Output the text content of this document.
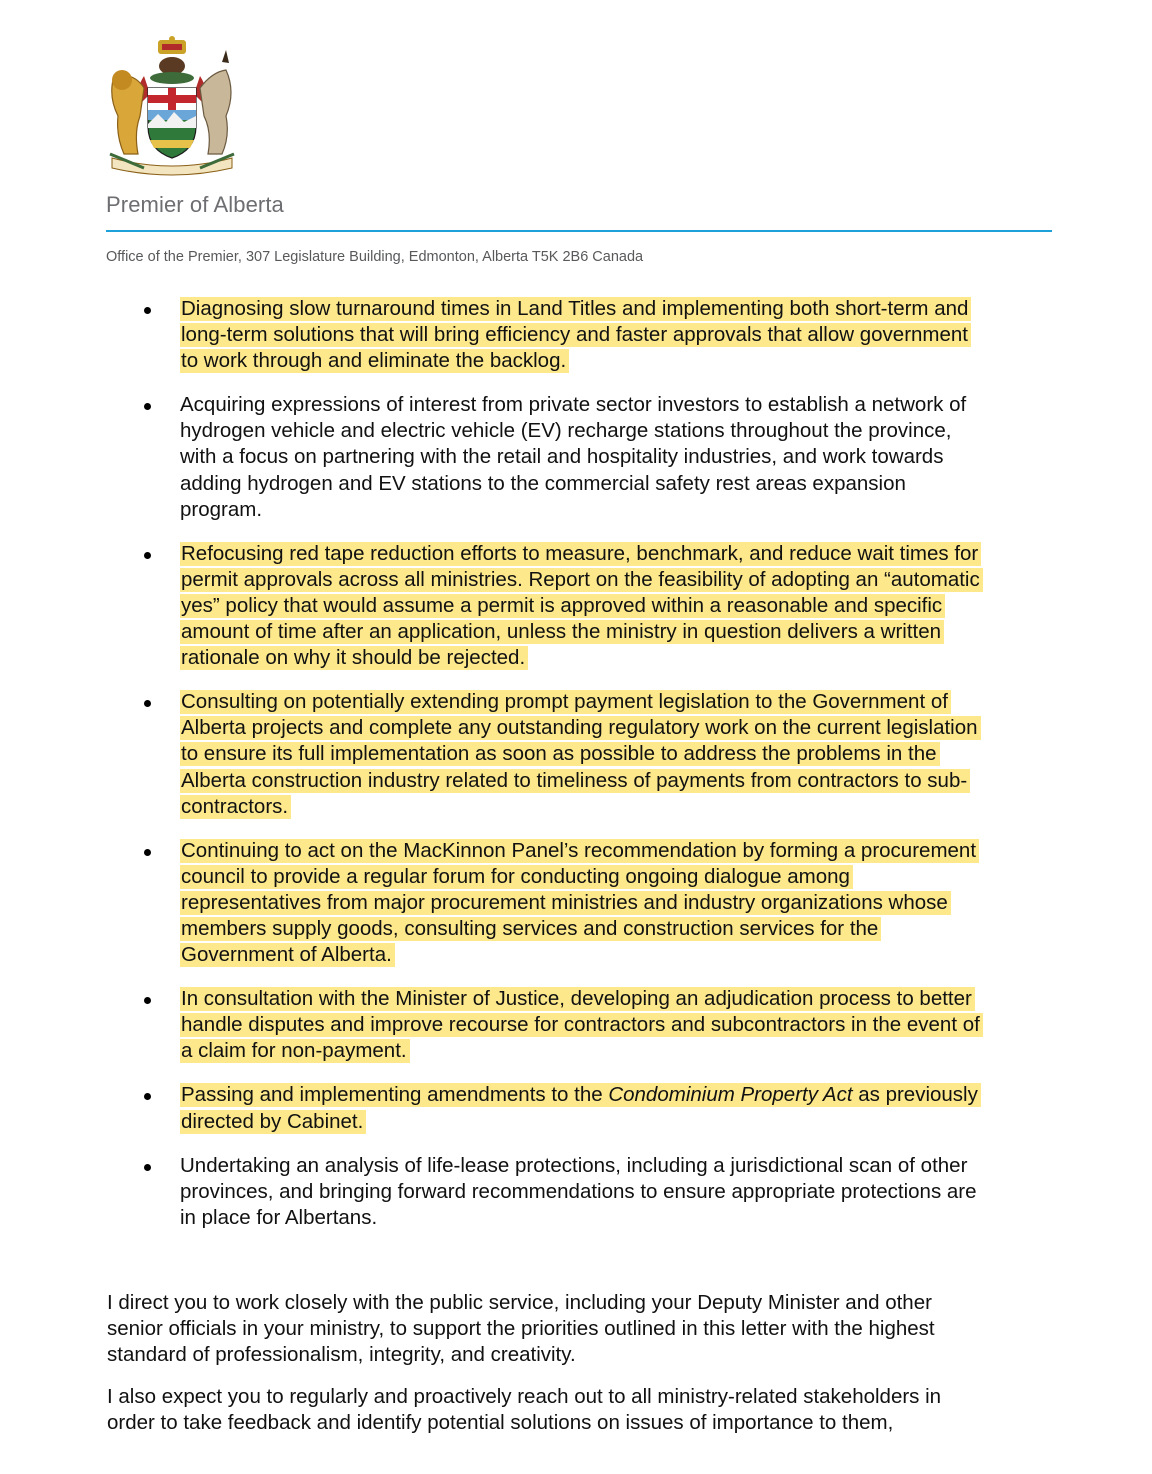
Premier of Alberta
Office of the Premier, 307 Legislature Building, Edmonton, Alberta T5K 2B6 Canada
Diagnosing slow turnaround times in Land Titles and implementing both short-term and
long-term solutions that will bring efficiency and faster approvals that allow government
to work through and eliminate the backlog.
Acquiring expressions of interest from private sector investors to establish a network of
hydrogen vehicle and electric vehicle (EV) recharge stations throughout the province,
with a focus on partnering with the retail and hospitality industries, and work towards
adding hydrogen and EV stations to the commercial safety rest areas expansion
program.
Refocusing red tape reduction efforts to measure, benchmark, and reduce wait times for
permit approvals across all ministries. Report on the feasibility of adopting an “automatic
yes” policy that would assume a permit is approved within a reasonable and specific
amount of time after an application, unless the ministry in question delivers a written
rationale on why it should be rejected.
Consulting on potentially extending prompt payment legislation to the Government of
Alberta projects and complete any outstanding regulatory work on the current legislation
to ensure its full implementation as soon as possible to address the problems in the
Alberta construction industry related to timeliness of payments from contractors to sub-
contractors.
Continuing to act on the MacKinnon Panel’s recommendation by forming a procurement
council to provide a regular forum for conducting ongoing dialogue among
representatives from major procurement ministries and industry organizations whose
members supply goods, consulting services and construction services for the
Government of Alberta.
In consultation with the Minister of Justice, developing an adjudication process to better
handle disputes and improve recourse for contractors and subcontractors in the event of
a claim for non-payment.
Passing and implementing amendments to the Condominium Property Act as previously
directed by Cabinet.
Undertaking an analysis of life-lease protections, including a jurisdictional scan of other
provinces, and bringing forward recommendations to ensure appropriate protections are
in place for Albertans.
I direct you to work closely with the public service, including your Deputy Minister and other
senior officials in your ministry, to support the priorities outlined in this letter with the highest
standard of professionalism, integrity, and creativity.
I also expect you to regularly and proactively reach out to all ministry-related stakeholders in
order to take feedback and identify potential solutions on issues of importance to them,
